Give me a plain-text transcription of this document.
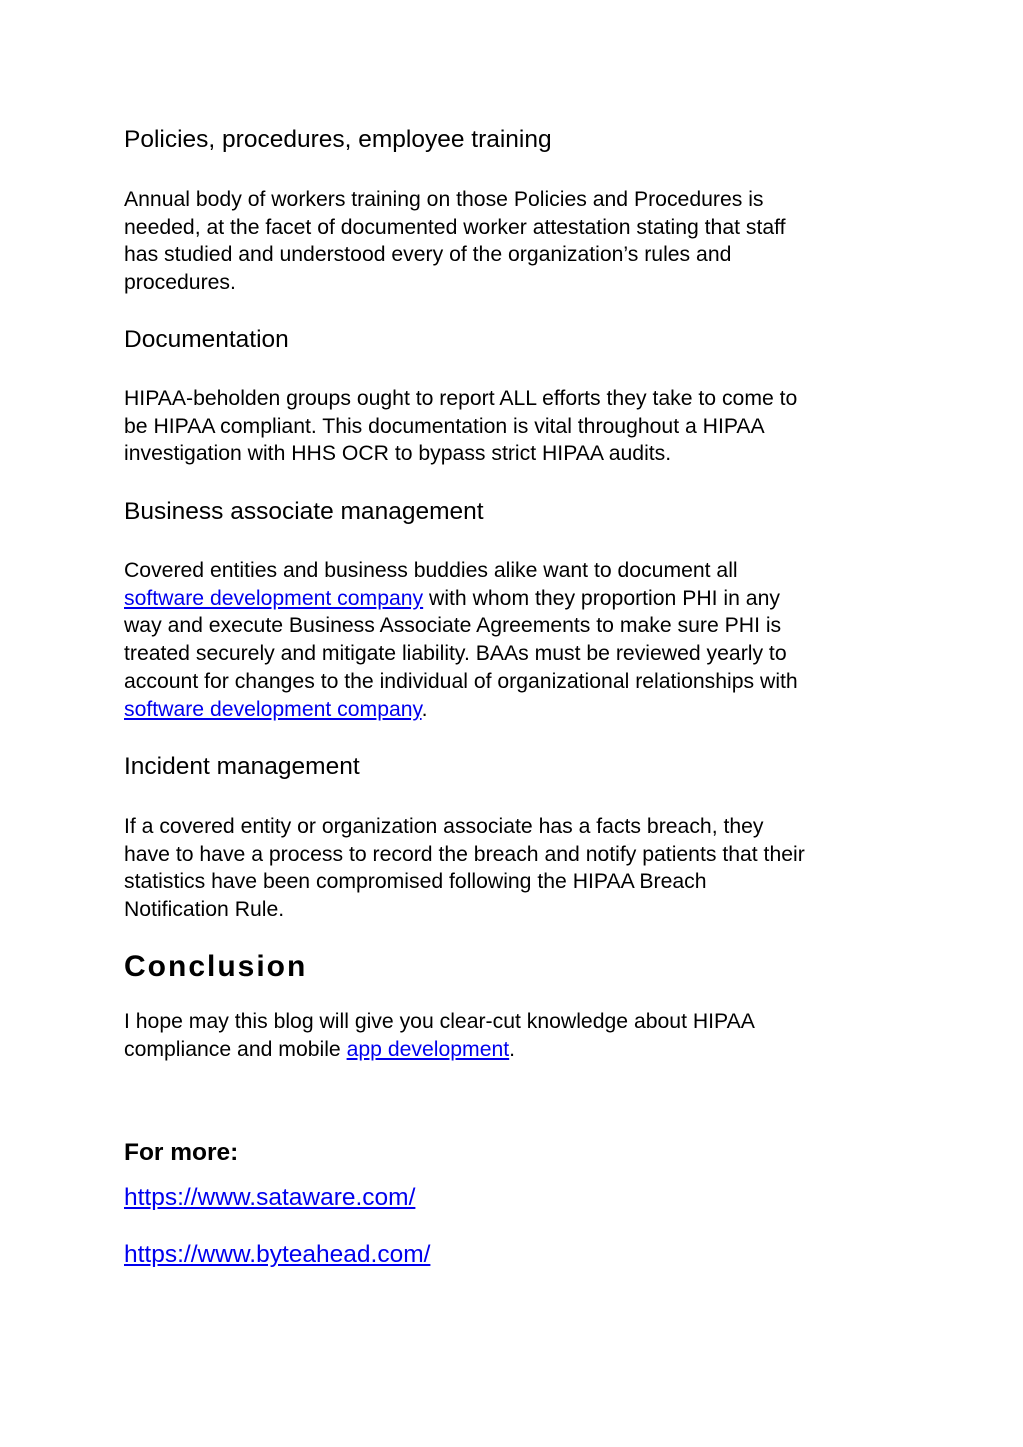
Policies, procedures, employee training

Annual body of workers training on those Policies and Procedures is
needed, at the facet of documented worker attestation stating that staff
has studied and understood every of the organization’s rules and
procedures.

Documentation

HIPAA-beholden groups ought to report ALL efforts they take to come to
be HIPAA compliant. This documentation is vital throughout a HIPAA
investigation with HHS OCR to bypass strict HIPAA audits.

Business associate management

Covered entities and business buddies alike want to document all
software development company with whom they proportion PHI in any
way and execute Business Associate Agreements to make sure PHI is
treated securely and mitigate liability. BAAs must be reviewed yearly to
account for changes to the individual of organizational relationships with
software development company.

Incident management

If a covered entity or organization associate has a facts breach, they
have to have a process to record the breach and notify patients that their
statistics have been compromised following the HIPAA Breach
Notification Rule.

Conclusion

I hope may this blog will give you clear-cut knowledge about HIPAA
compliance and mobile app development.

For more:
https://www.sataware.com/
https://www.byteahead.com/
